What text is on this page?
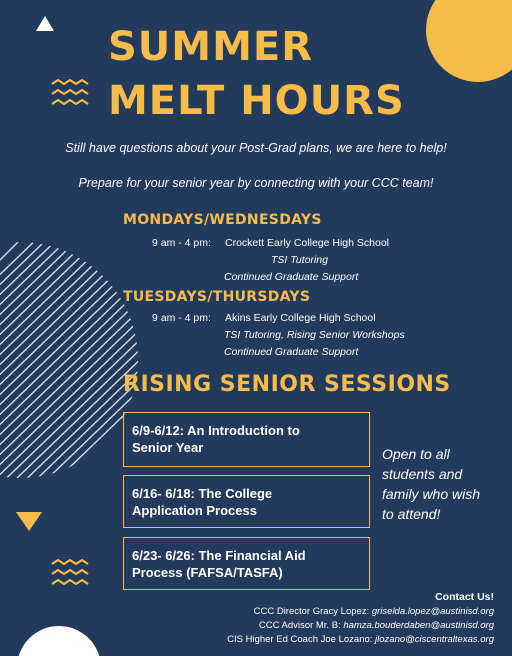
SUMMER
MELT HOURS
Still have questions about your Post-Grad plans, we are here to help!
Prepare for your senior year by connecting with your CCC team!
MONDAYS/WEDNESDAYS
9 am - 4 pm: Crockett Early College High School
TSI Tutoring
Continued Graduate Support
TUESDAYS/THURSDAYS
9 am - 4 pm: Akins Early College High School
TSI Tutoring, Rising Senior Workshops
Continued Graduate Support
RISING SENIOR SESSIONS
6/9-6/12: An Introduction to
Senior Year
6/16- 6/18: The College
Application Process
6/23- 6/26: The Financial Aid
Process (FAFSA/TASFA)
Open to all
students and
family who wish
to attend!
Contact Us!
CCC Director Gracy Lopez: griselda.lopez@austinisd.org
CCC Advisor Mr. B: hamza.bouderdaben@austinisd.org
CIS Higher Ed Coach Joe Lozano: jlozano@ciscentraltexas.org
